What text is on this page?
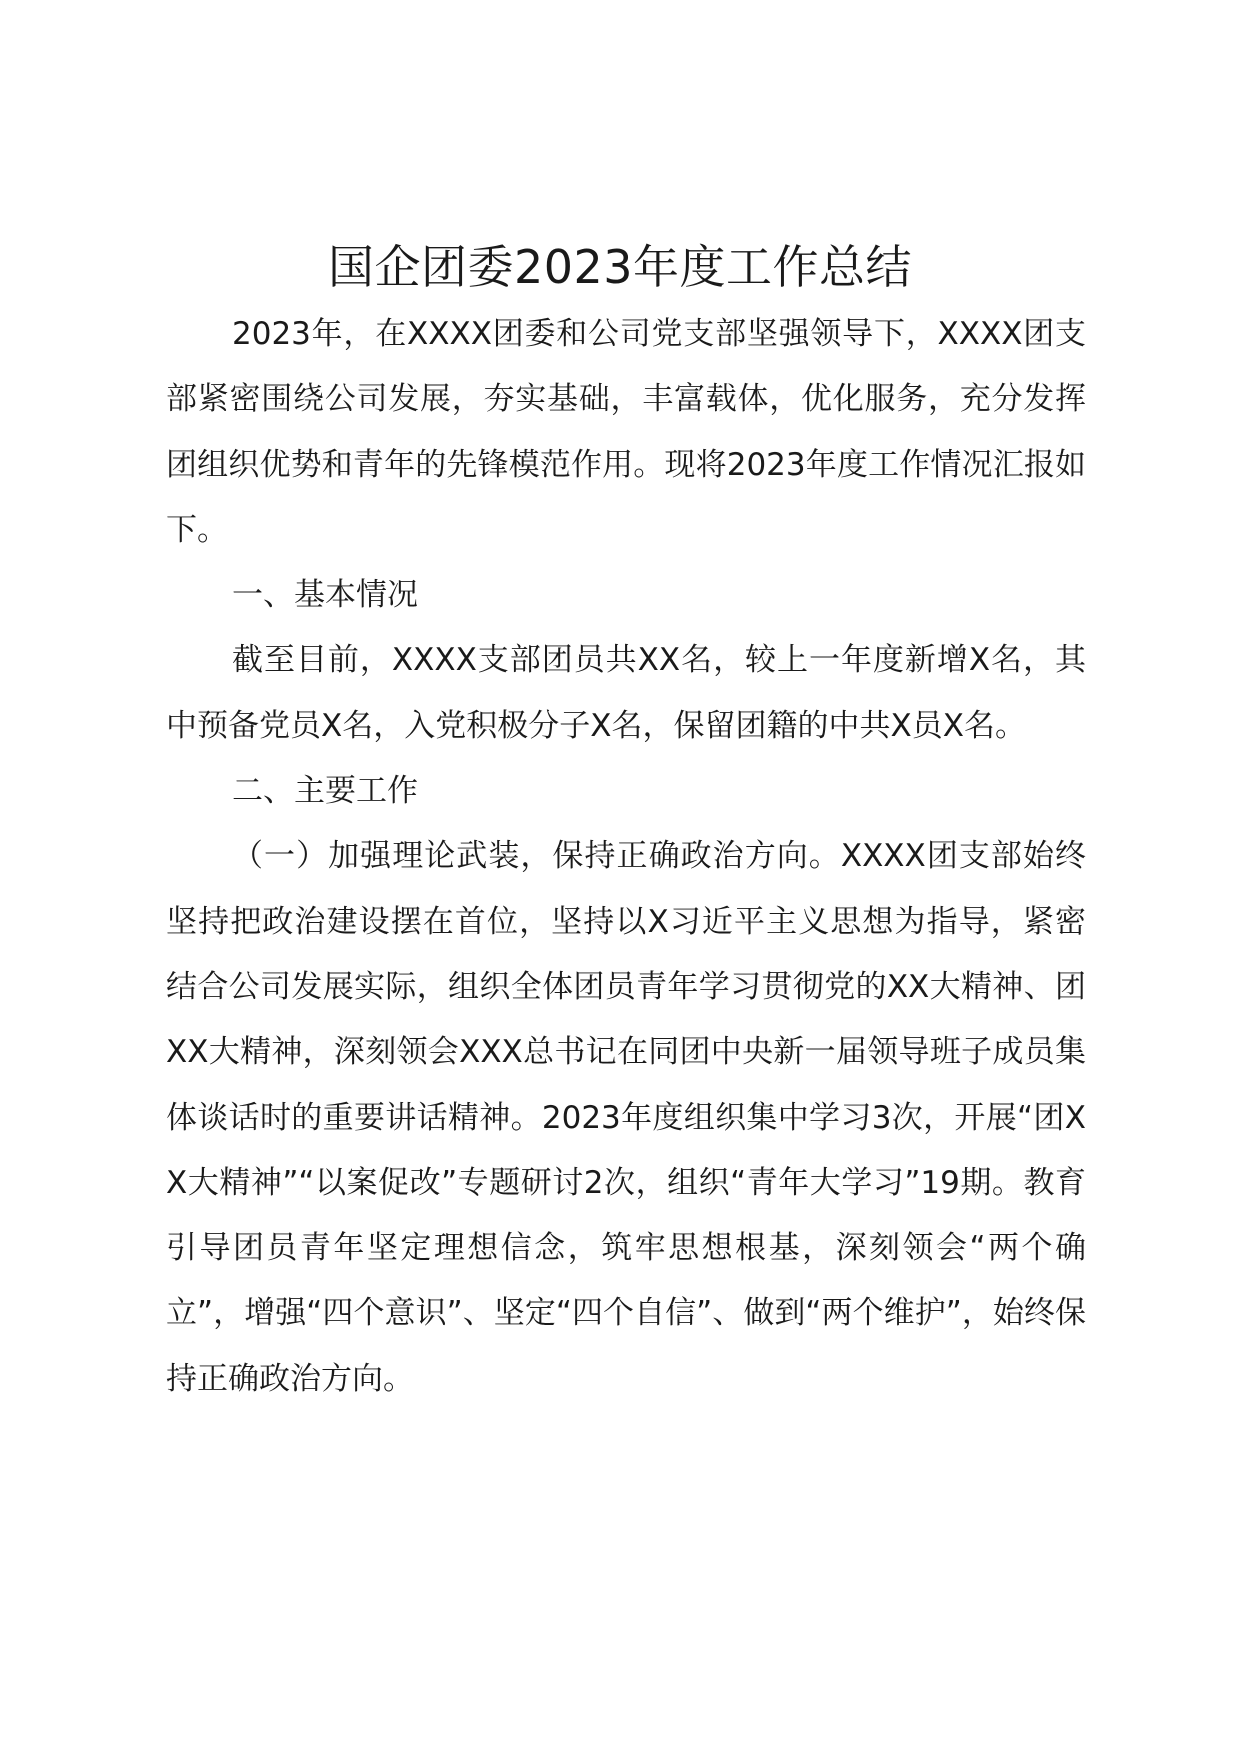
国企团委2023年度工作总结

2023年，在XXXX团委和公司党支部坚强领导下，XXXX团支部紧密围绕公司发展，夯实基础，丰富载体，优化服务，充分发挥团组织优势和青年的先锋模范作用。现将2023年度工作情况汇报如下。

一、基本情况

截至目前，XXXX支部团员共XX名，较上一年度新增X名，其中预备党员X名，入党积极分子X名，保留团籍的中共X员X名。

二、主要工作

（一）加强理论武装，保持正确政治方向。XXXX团支部始终坚持把政治建设摆在首位，坚持以X习近平主义思想为指导，紧密结合公司发展实际，组织全体团员青年学习贯彻党的XX大精神、团XX大精神，深刻领会XXX总书记在同团中央新一届领导班子成员集体谈话时的重要讲话精神。2023年度组织集中学习3次，开展“团XX大精神”“以案促改”专题研讨2次，组织“青年大学习”19期。教育引导团员青年坚定理想信念，筑牢思想根基，深刻领会“两个确立”，增强“四个意识”、坚定“四个自信”、做到“两个维护”，始终保持正确政治方向。
